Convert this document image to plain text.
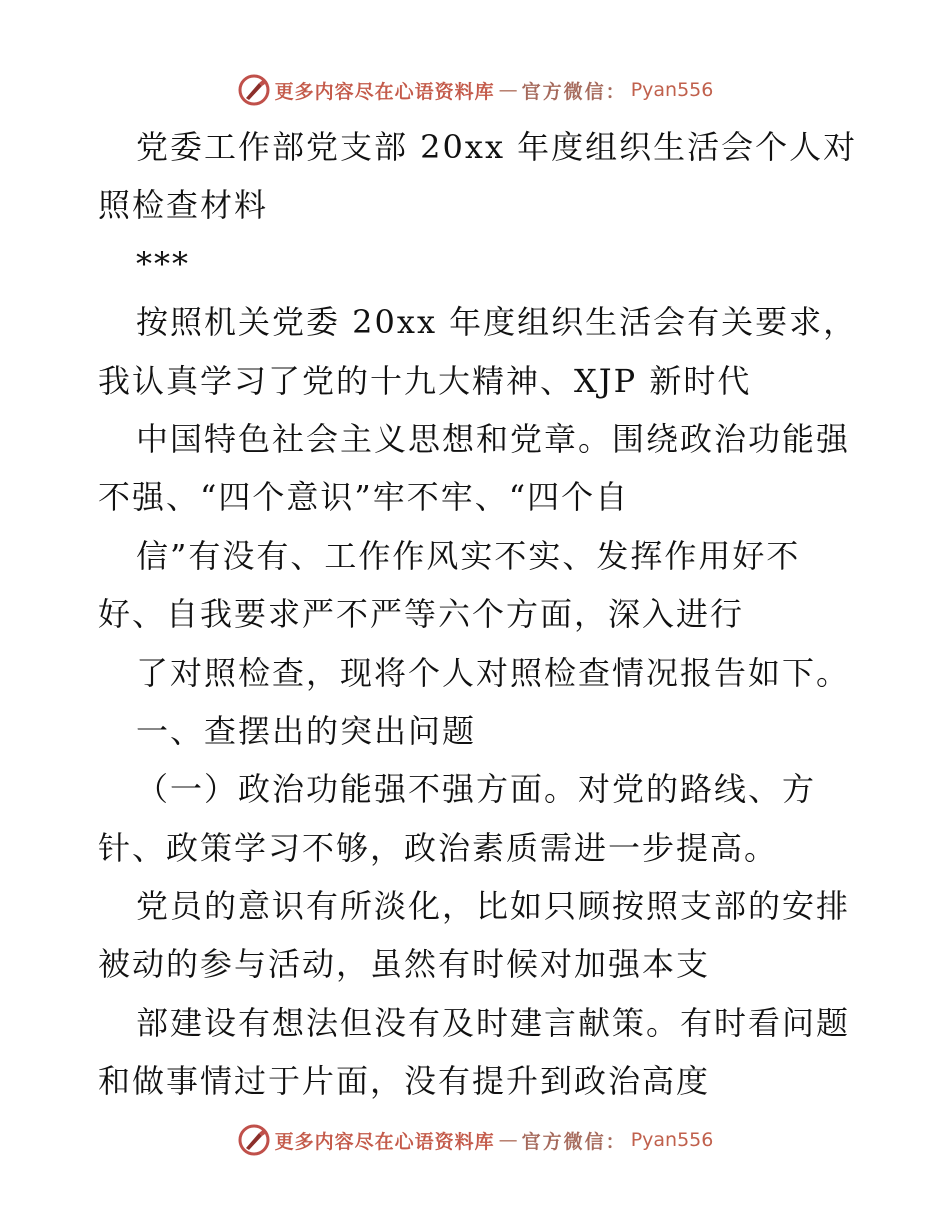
更多内容尽在心语资料库 — 官方微信： Pyan556
党委工作部党支部 20xx 年度组织生活会个人对
照检查材料
***
按照机关党委 20xx 年度组织生活会有关要求，
我认真学习了党的十九大精神、XJP 新时代
中国特色社会主义思想和党章。围绕政治功能强
不强、“四个意识”牢不牢、“四个自
信”有没有、工作作风实不实、发挥作用好不
好、自我要求严不严等六个方面，深入进行
了对照检查，现将个人对照检查情况报告如下。
一、查摆出的突出问题
（一）政治功能强不强方面。对党的路线、方
针、政策学习不够，政治素质需进一步提高。
党员的意识有所淡化，比如只顾按照支部的安排
被动的参与活动，虽然有时候对加强本支
部建设有想法但没有及时建言献策。有时看问题
和做事情过于片面，没有提升到政治高度
更多内容尽在心语资料库 — 官方微信： Pyan556
